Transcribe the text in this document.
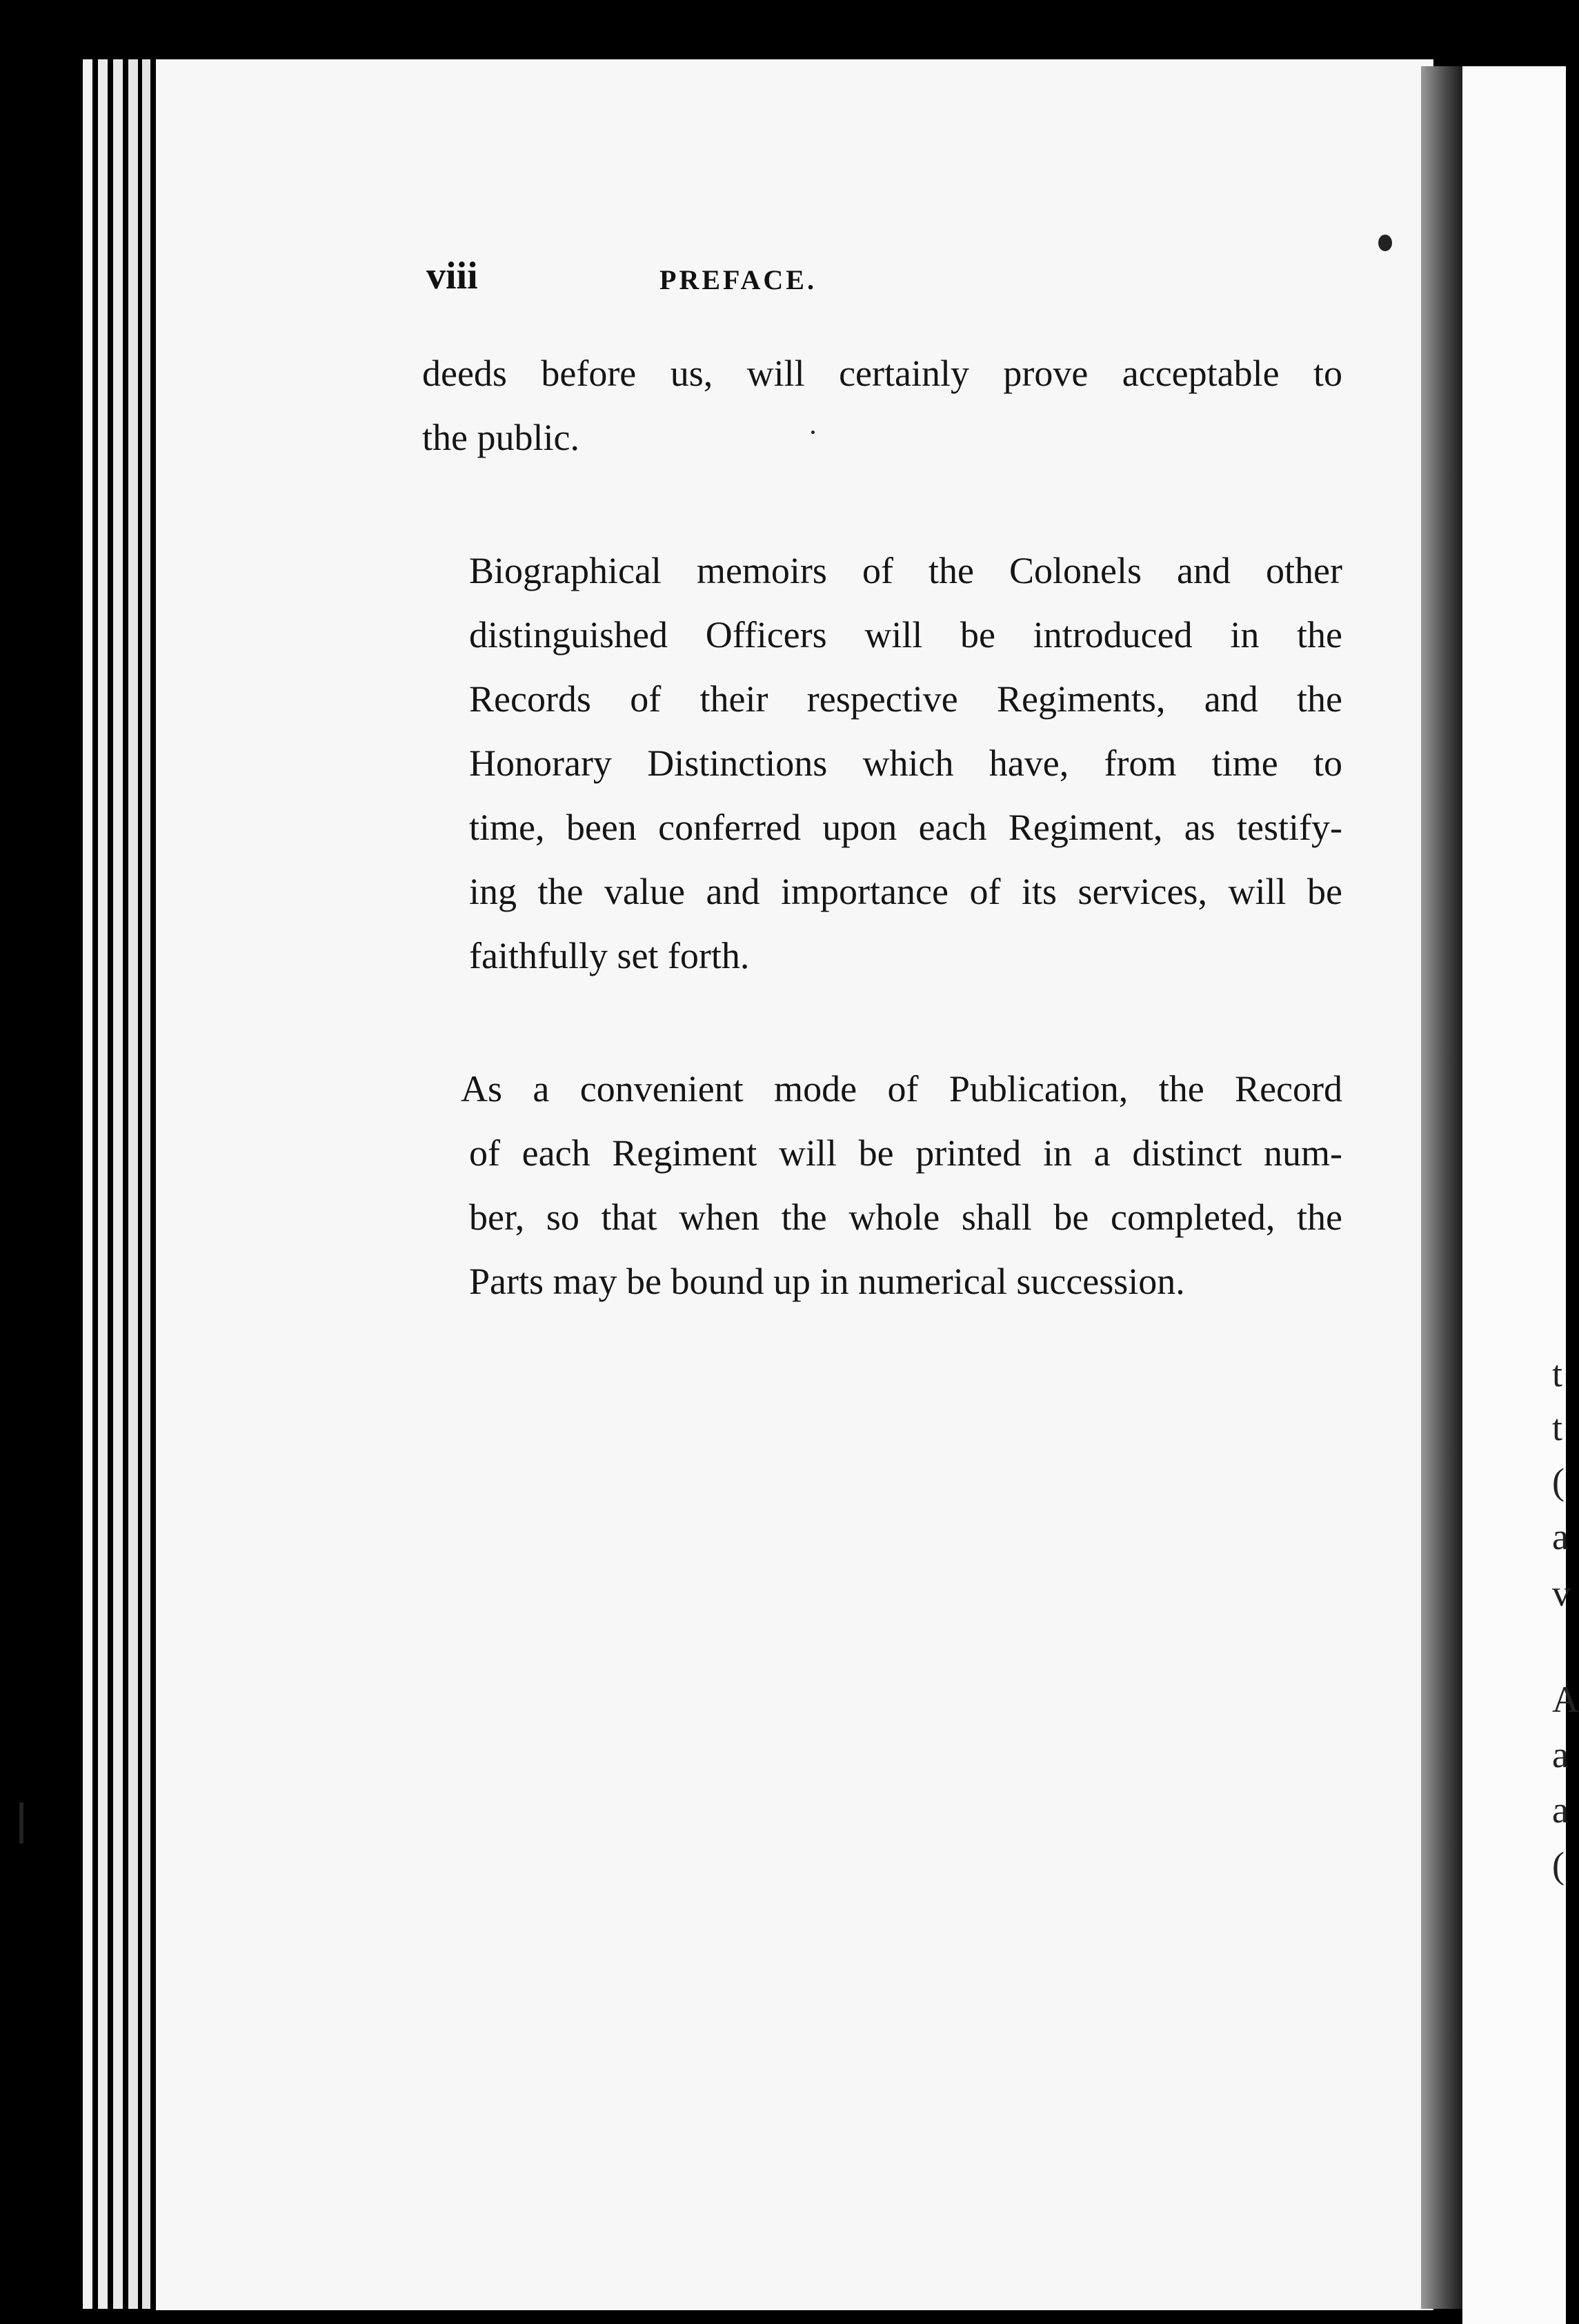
t
t
(
a
v
A
a
a
(
viii	PREFACE.

deeds before us, will certainly prove acceptable to
the public.

Biographical memoirs of the Colonels and other
distinguished Officers will be introduced in the
Records of their respective Regiments, and the
Honorary Distinctions which have, from time to
time, been conferred upon each Regiment, as testify-
ing the value and importance of its services, will be
faithfully set forth.

As a convenient mode of Publication, the Record
of each Regiment will be printed in a distinct num-
ber, so that when the whole shall be completed, the
Parts may be bound up in numerical succession.
